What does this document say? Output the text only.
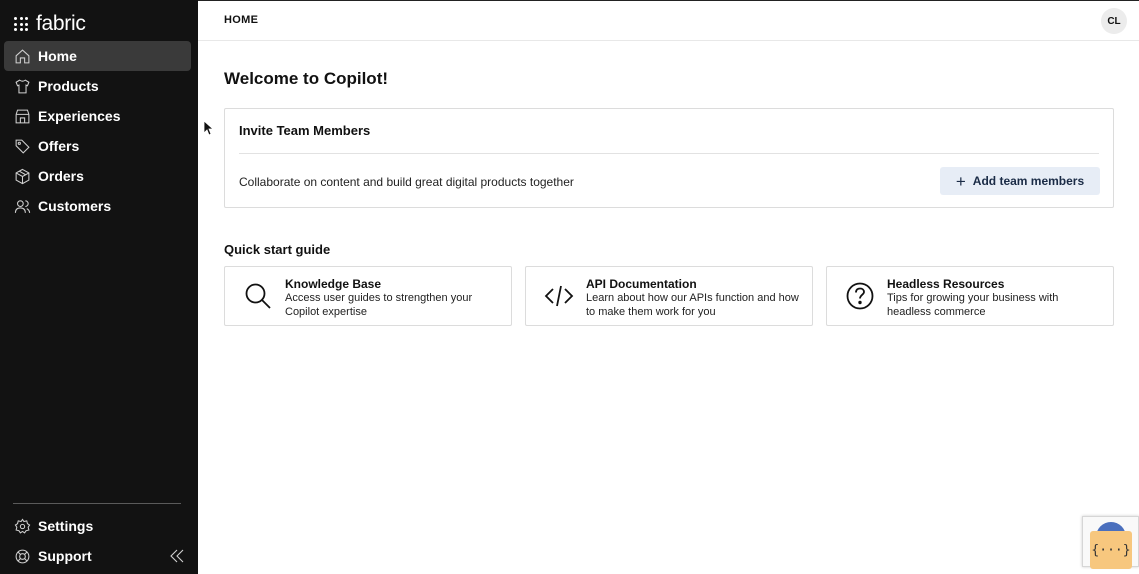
fabric
Home
Products
Experiences
Offers
Orders
Customers
Settings
Support
HOME	CL
Welcome to Copilot!
Invite Team Members
Collaborate on content and build great digital products together	+ Add team members
Quick start guide
Knowledge Base
Access user guides to strengthen your Copilot expertise
API Documentation
Learn about how our APIs function and how to make them work for you
Headless Resources
Tips for growing your business with headless commerce
{···}
